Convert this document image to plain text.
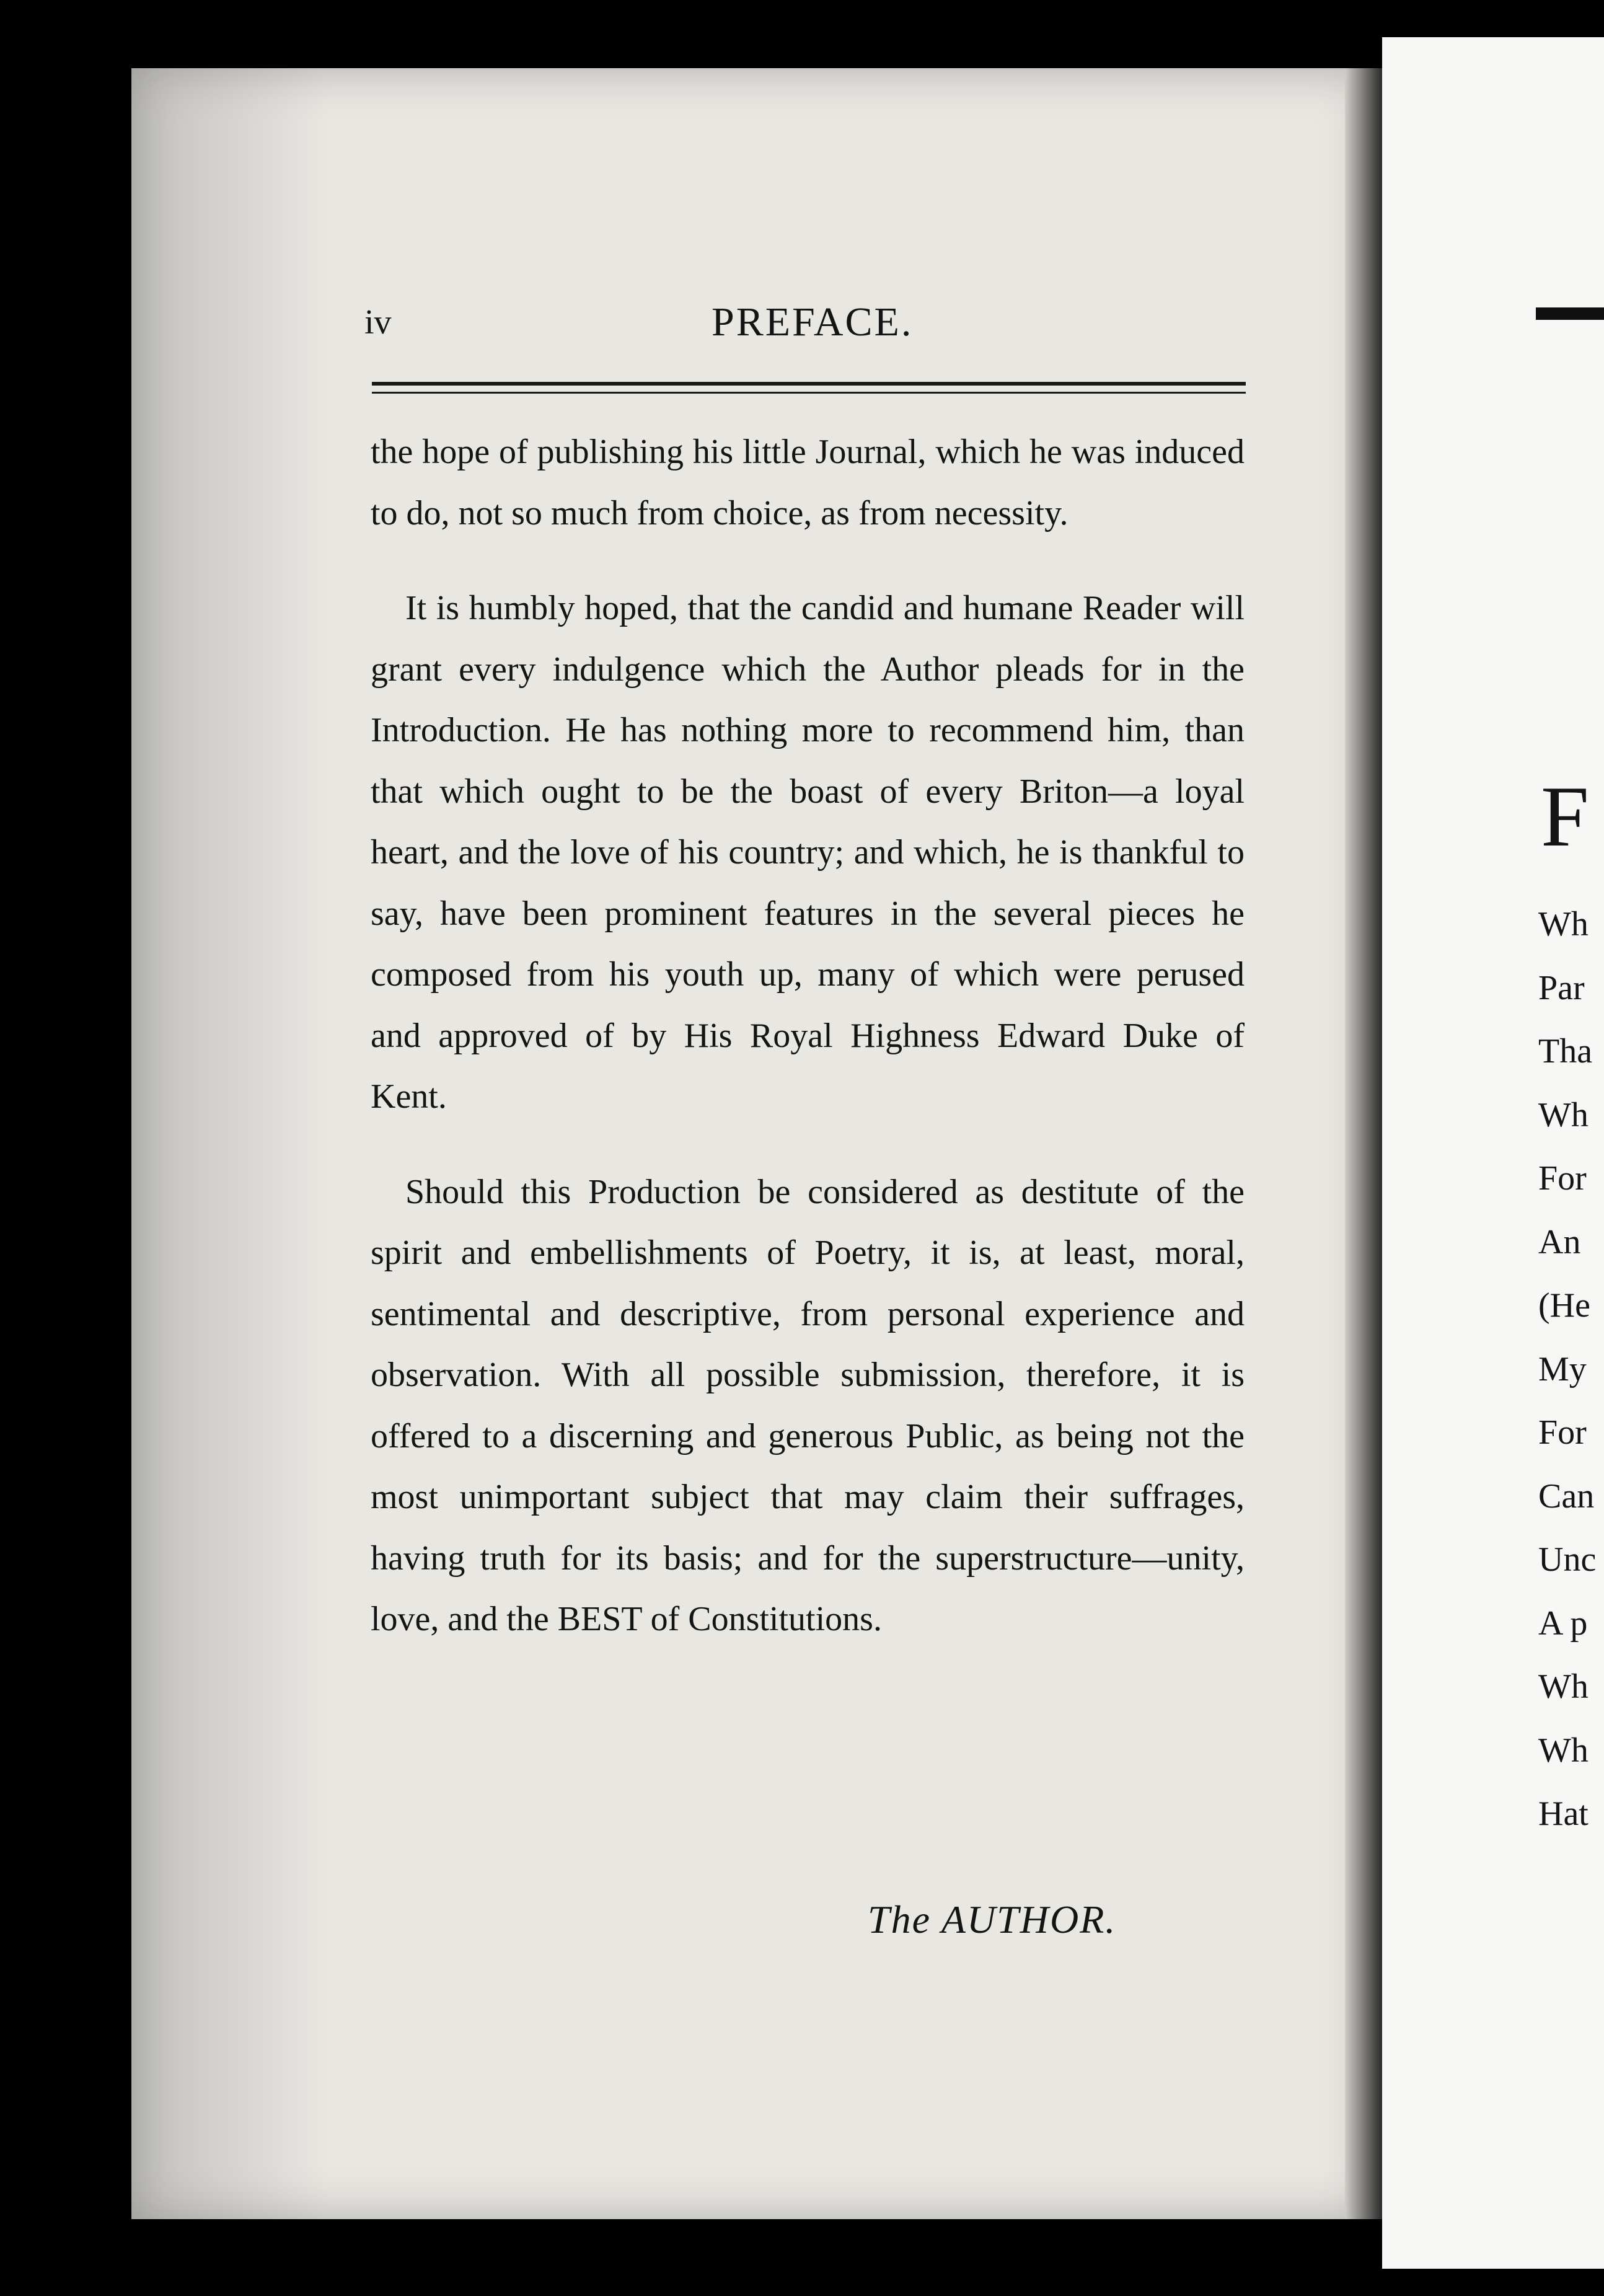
iv	PREFACE.

the hope of publishing his little Journal, which he was induced to do, not so much from choice, as from necessity.

It is humbly hoped, that the candid and humane Reader will grant every indulgence which the Author pleads for in the Introduction. He has nothing more to recommend him, than that which ought to be the boast of every Briton—a loyal heart, and the love of his country; and which, he is thankful to say, have been prominent features in the several pieces he composed from his youth up, many of which were perused and approved of by His Royal Highness Edward Duke of Kent.

Should this Production be considered as destitute of the spirit and embellishments of Poetry, it is, at least, moral, sentimental and descriptive, from personal experience and observation. With all possible submission, therefore, it is offered to a discerning and generous Public, as being not the most unimportant subject that may claim their suffrages, having truth for its basis; and for the superstructure—unity, love, and the BEST of Constitutions.

The AUTHOR.
F
Wh
Par
Tha
Wh
For
An
(He
My
For
Can
Unc
A p
Wh
Wh
Hat
